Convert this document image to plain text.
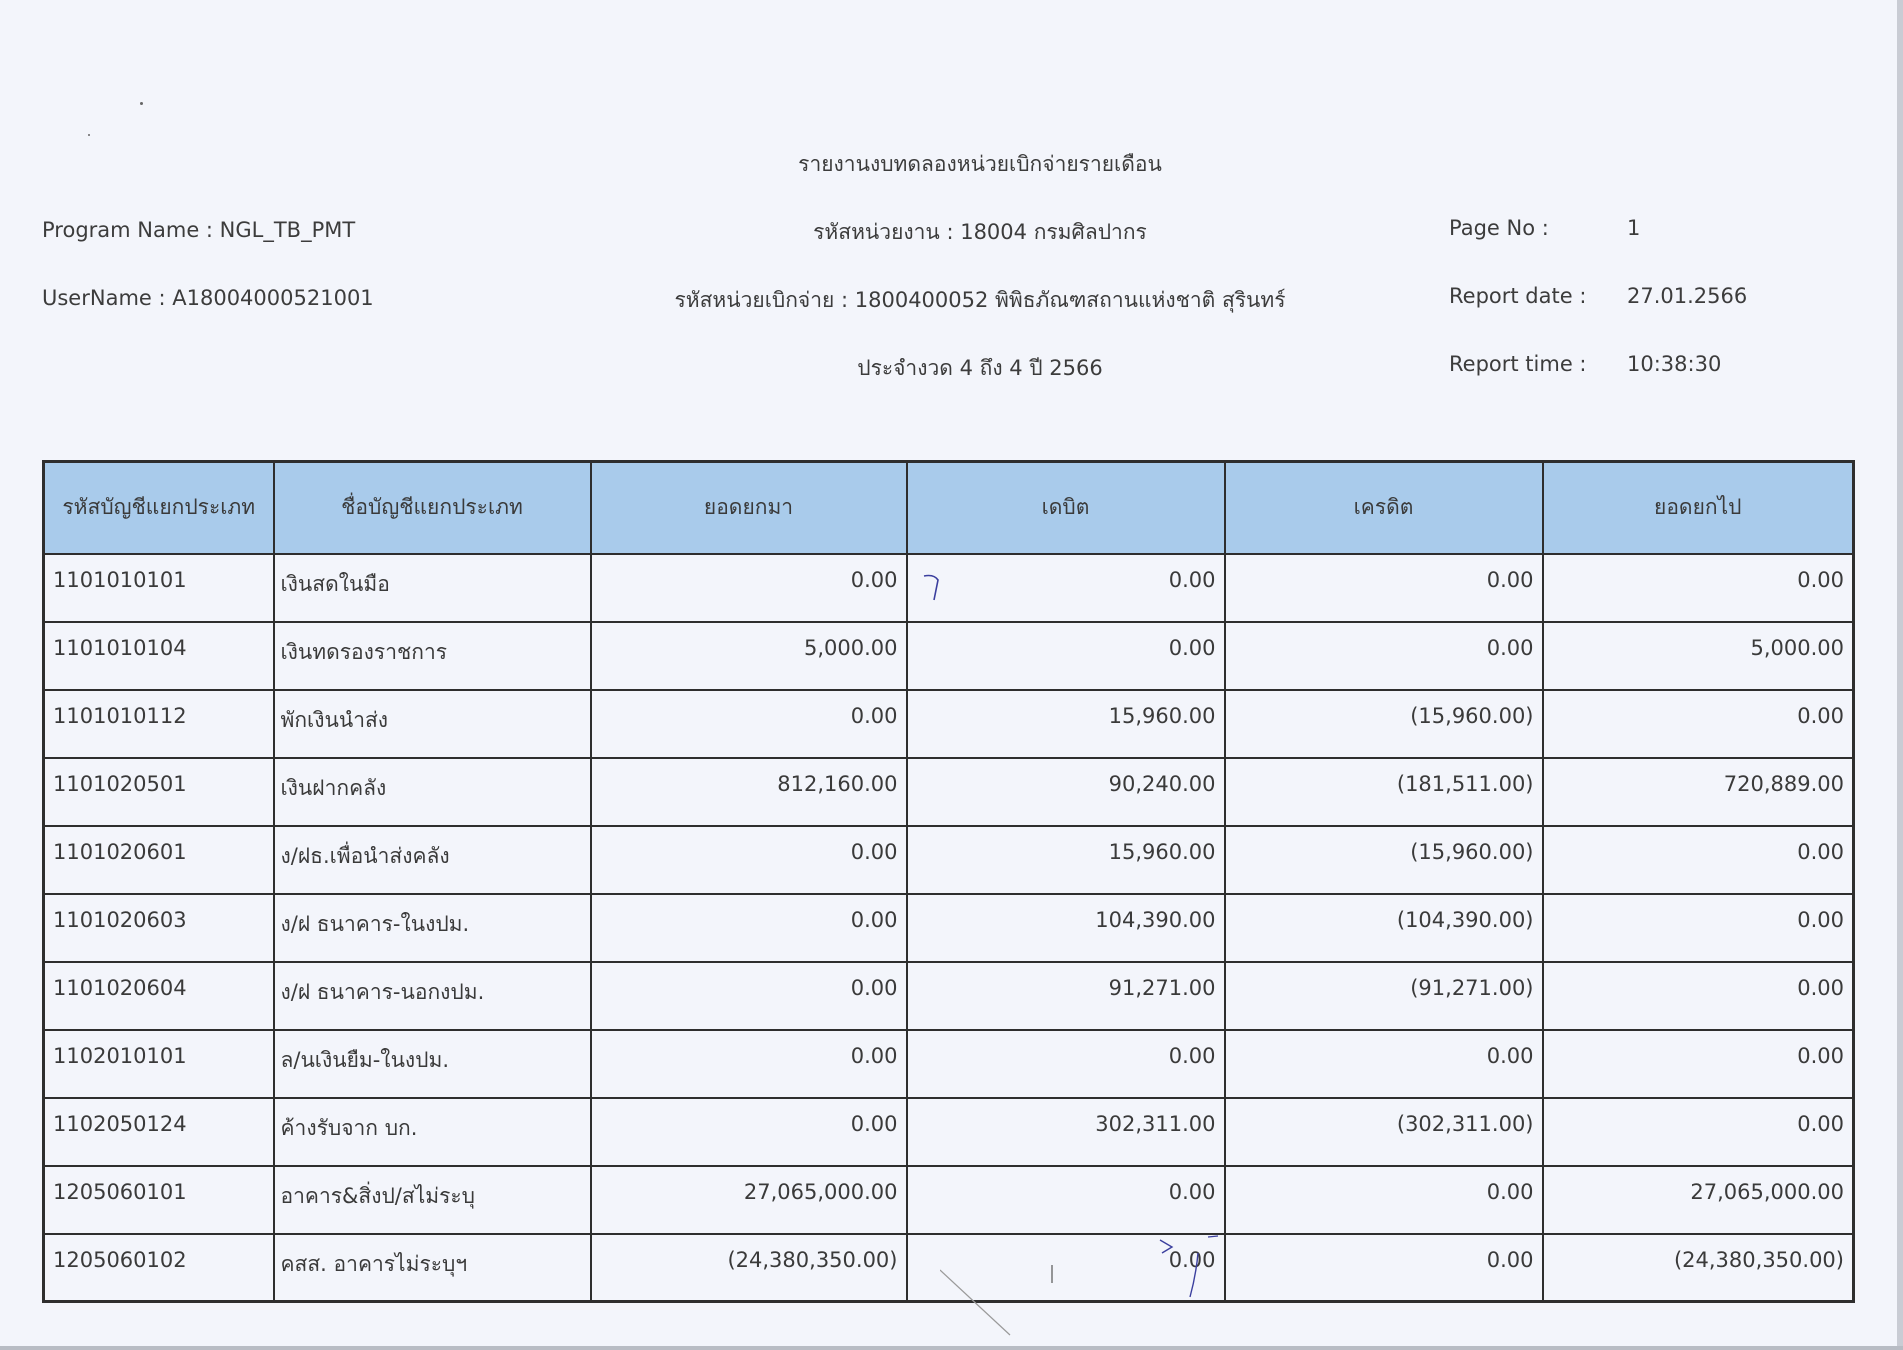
รายงานงบทดลองหน่วยเบิกจ่ายรายเดือน
Program Name : NGL_TB_PMT	รหัสหน่วยงาน : 18004 กรมศิลปากร	Page No :	1
UserName : A18004000521001	รหัสหน่วยเบิกจ่าย : 1800400052 พิพิธภัณฑสถานแห่งชาติ สุรินทร์	Report date : 27.01.2566
ประจำงวด 4 ถึง 4 ปี 2566	Report time : 10:38:30
รหัสบัญชีแยกประเภท	ชื่อบัญชีแยกประเภท	ยอดยกมา	เดบิต	เครดิต	ยอดยกไป
1101010101	เงินสดในมือ	0.00	0.00	0.00	0.00
1101010104	เงินทดรองราชการ	5,000.00	0.00	0.00	5,000.00
1101010112	พักเงินนำส่ง	0.00	15,960.00	(15,960.00)	0.00
1101020501	เงินฝากคลัง	812,160.00	90,240.00	(181,511.00)	720,889.00
1101020601	ง/ฝธ.เพื่อนำส่งคลัง	0.00	15,960.00	(15,960.00)	0.00
1101020603	ง/ฝ ธนาคาร-ในงปม.	0.00	104,390.00	(104,390.00)	0.00
1101020604	ง/ฝ ธนาคาร-นอกงปม.	0.00	91,271.00	(91,271.00)	0.00
1102010101	ล/นเงินยืม-ในงปม.	0.00	0.00	0.00	0.00
1102050124	ค้างรับจาก บก.	0.00	302,311.00	(302,311.00)	0.00
1205060101	อาคาร&สิ่งป/สไม่ระบุ	27,065,000.00	0.00	0.00	27,065,000.00
1205060102	คสส. อาคารไม่ระบุฯ	(24,380,350.00)	0.00	0.00	(24,380,350.00)
